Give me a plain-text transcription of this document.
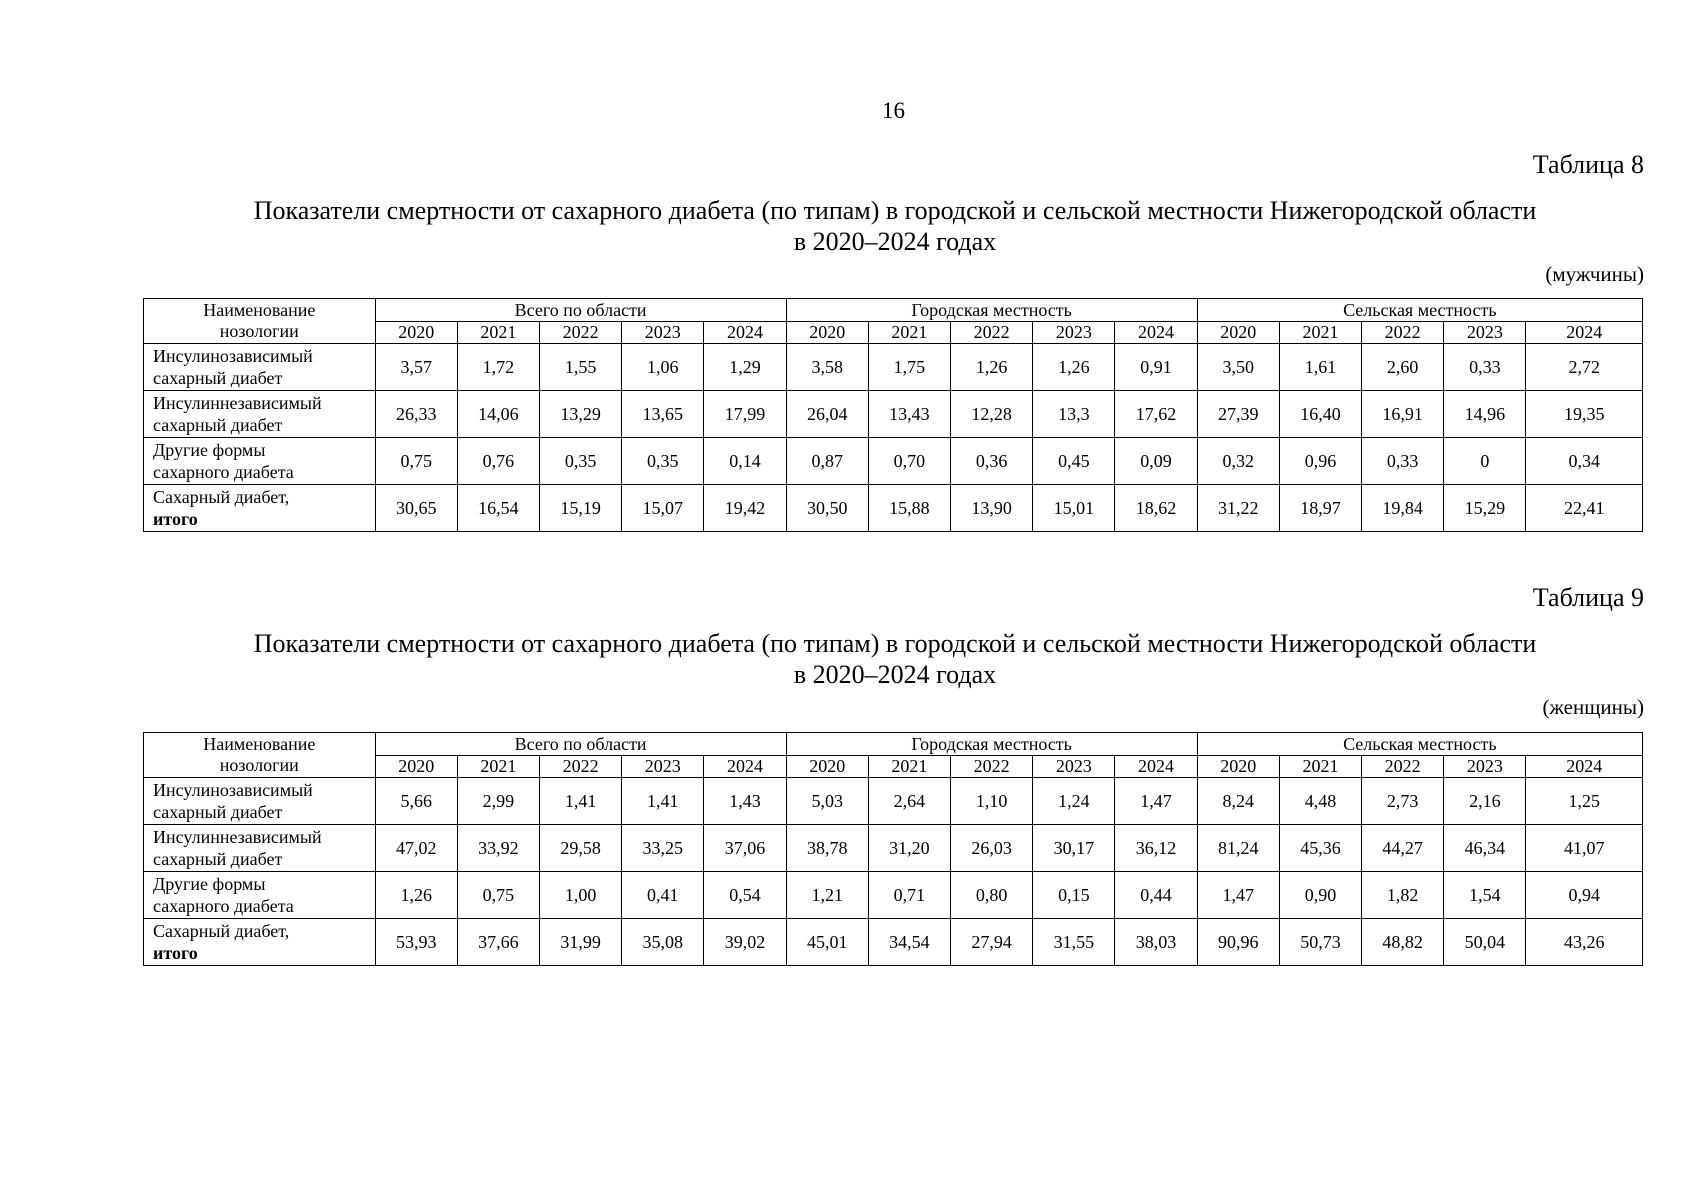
16
Таблица 8
Показатели смертности от сахарного диабета (по типам) в городской и сельской местности Нижегородской области
в 2020–2024 годах
(мужчины)
Наименование
нозологии	Всего по области					Городская местность					Сельская местность				
	2020	2021	2022	2023	2024	2020	2021	2022	2023	2024	2020	2021	2022	2023	2024

Инсулинозависимый
сахарный диабет	3,57	1,72	1,55	1,06	1,29	3,58	1,75	1,26	1,26	0,91	3,50	1,61	2,60	0,33	2,72

Инсулиннезависимый
сахарный диабет	26,33	14,06	13,29	13,65	17,99	26,04	13,43	12,28	13,3	17,62	27,39	16,40	16,91	14,96	19,35

Другие формы
сахарного диабета	0,75	0,76	0,35	0,35	0,14	0,87	0,70	0,36	0,45	0,09	0,32	0,96	0,33	0	0,34

Сахарный диабет,
итого	30,65	16,54	15,19	15,07	19,42	30,50	15,88	13,90	15,01	18,62	31,22	18,97	19,84	15,29	22,41
Таблица 9
Показатели смертности от сахарного диабета (по типам) в городской и сельской местности Нижегородской области
в 2020–2024 годах
(женщины)
Наименование
нозологии	Всего по области					Городская местность					Сельская местность				
	2020	2021	2022	2023	2024	2020	2021	2022	2023	2024	2020	2021	2022	2023	2024

Инсулинозависимый
сахарный диабет	5,66	2,99	1,41	1,41	1,43	5,03	2,64	1,10	1,24	1,47	8,24	4,48	2,73	2,16	1,25

Инсулиннезависимый
сахарный диабет	47,02	33,92	29,58	33,25	37,06	38,78	31,20	26,03	30,17	36,12	81,24	45,36	44,27	46,34	41,07

Другие формы
сахарного диабета	1,26	0,75	1,00	0,41	0,54	1,21	0,71	0,80	0,15	0,44	1,47	0,90	1,82	1,54	0,94

Сахарный диабет,
итого	53,93	37,66	31,99	35,08	39,02	45,01	34,54	27,94	31,55	38,03	90,96	50,73	48,82	50,04	43,26
